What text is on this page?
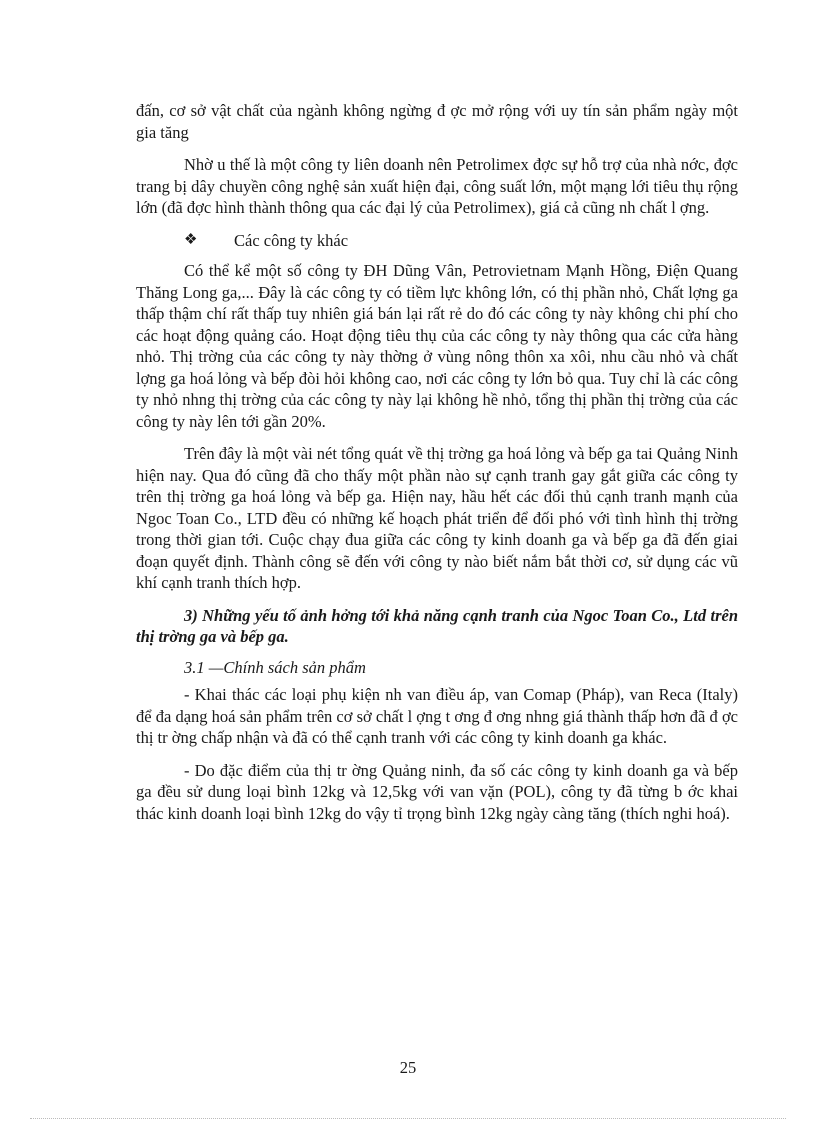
đấn, cơ sở vật chất của ngành không ngừng đ ợc mở rộng với uy tín sản phẩm ngày một gia tăng

Nhờ u thế là một công ty liên doanh nên Petrolimex đợc sự hỗ trợ của nhà nớc, đợc trang bị dây chuyền công nghệ sản xuất hiện đại, công suất lớn, một mạng lới tiêu thụ rộng lớn (đã đợc hình thành thông qua các đại lý của Petrolimex), giá cả cũng nh chất l ợng.

❖ Các công ty khác

Có thể kể một số công ty ĐH Dũng Vân, Petrovietnam Mạnh Hồng, Điện Quang Thăng Long ga,... Đây là các công ty có tiềm lực không lớn, có thị phần nhỏ, Chất lợng ga thấp thậm chí rất thấp tuy nhiên giá bán lại rất rẻ do đó các công ty này không chi phí cho các hoạt động quảng cáo. Hoạt động tiêu thụ của các công ty này thông qua các cửa hàng nhỏ. Thị trờng của các công ty này thờng ở vùng nông thôn xa xôi, nhu cầu nhỏ và chất lợng ga hoá lỏng và bếp đòi hỏi không cao, nơi các công ty lớn bỏ qua. Tuy chỉ là các công ty nhỏ nhng thị trờng của các công ty này lại không hề nhỏ, tổng thị phần thị trờng của các công ty này lên tới gần 20%.

Trên đây là một vài nét tổng quát về thị trờng ga hoá lỏng và bếp ga tai Quảng Ninh hiện nay. Qua đó cũng đã cho thấy một phần nào sự cạnh tranh gay gắt giữa các công ty trên thị trờng ga hoá lỏng và bếp ga. Hiện nay, hầu hết các đối thủ cạnh tranh mạnh của Ngoc Toan Co., LTD đều có những kế hoạch phát triển để đối phó với tình hình thị trờng trong thời gian tới. Cuộc chạy đua giữa các công ty kinh doanh ga và bếp ga đã đến giai đoạn quyết định. Thành công sẽ đến với công ty nào biết nắm bắt thời cơ, sử dụng các vũ khí cạnh tranh thích hợp.

3) Những yếu tố ảnh hởng tới khả năng cạnh tranh của Ngoc Toan Co., Ltd trên thị trờng ga và bếp ga.

3.1 —Chính sách sản phẩm

- Khai thác các loại phụ kiện nh van điều áp, van Comap (Pháp), van Reca (Italy) để đa dạng hoá sản phẩm trên cơ sở chất l ợng t ơng đ ơng nhng giá thành thấp hơn đã đ ợc thị tr ờng chấp nhận và đã có thể cạnh tranh với các công ty kinh doanh ga khác.

- Do đặc điểm của thị tr ờng Quảng ninh, đa số các công ty kinh doanh ga và bếp ga đều sử dung loại bình 12kg và 12,5kg với van vặn (POL), công ty đã từng b ớc khai thác kinh doanh loại bình 12kg do vậy tỉ trọng bình 12kg ngày càng tăng (thích nghi hoá).

25
